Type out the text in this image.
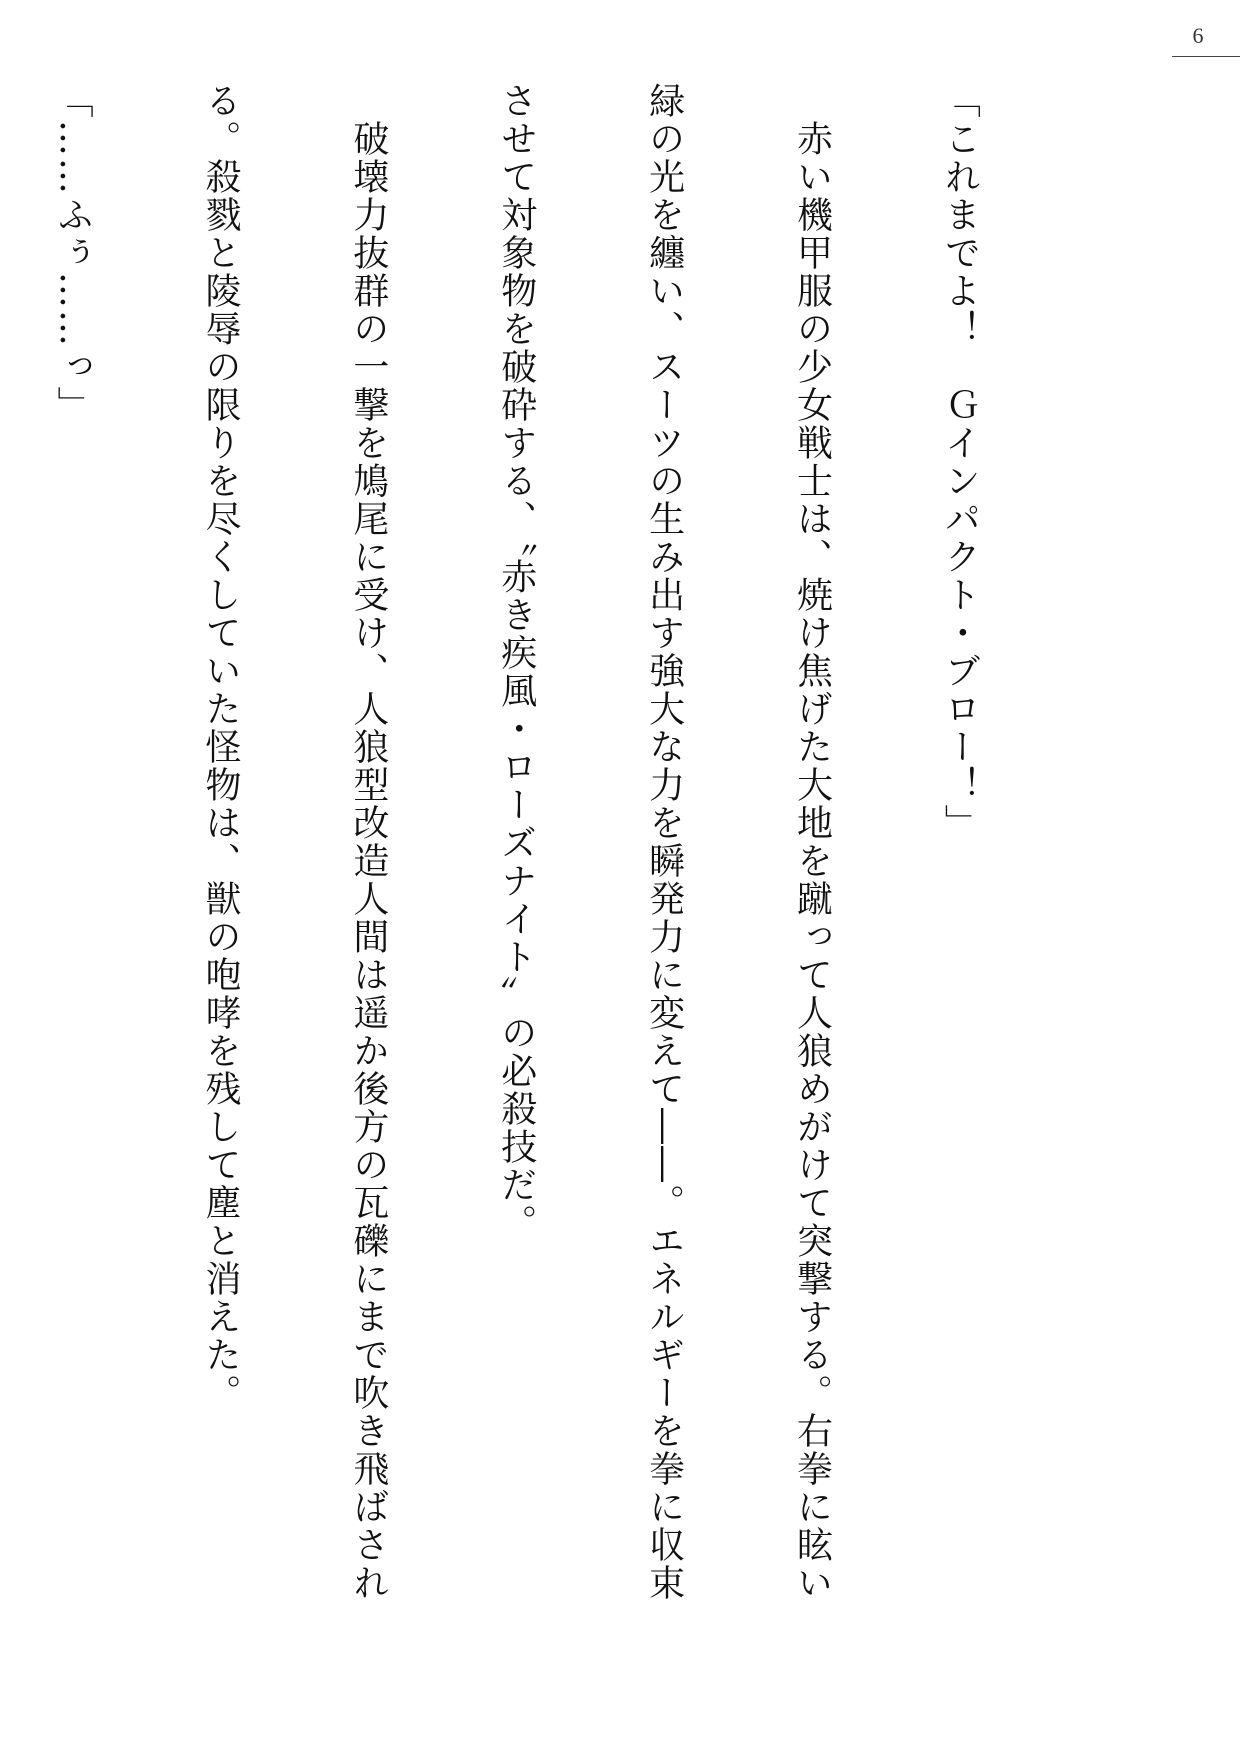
6

「これまでよ！　Ｇインパクト・ブロー！」

　赤い機甲服の少女戦士は、焼け焦げた大地を蹴って人狼めがけて突撃する。右拳に眩い

緑の光を纏い、スーツの生み出す強大な力を瞬発力に変えて――。エネルギーを拳に収束

させて対象物を破砕する、〝赤き疾風・ローズナイト〟の必殺技だ。

　破壊力抜群の一撃を鳩尾に受け、人狼型改造人間は遥か後方の瓦礫にまで吹き飛ばされ

る。殺戮と陵辱の限りを尽くしていた怪物は、獣の咆哮を残して塵と消えた。

「……ふぅ……っ」
